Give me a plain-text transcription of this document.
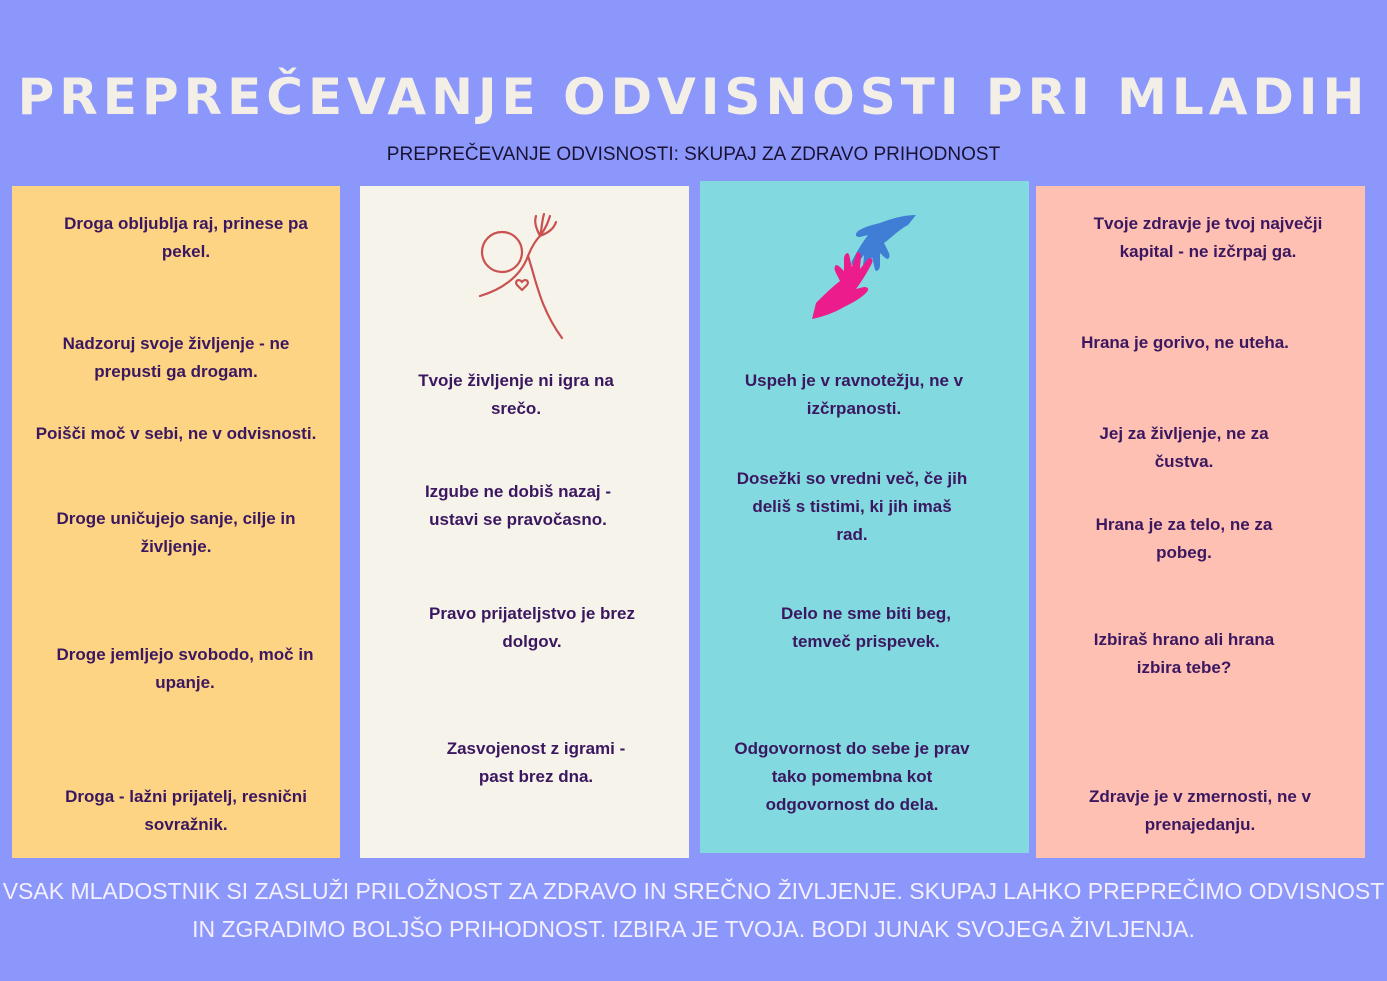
PREPREČEVANJE ODVISNOSTI PRI MLADIH
PREPREČEVANJE ODVISNOSTI: SKUPAJ ZA ZDRAVO PRIHODNOST
Droga obljublja raj, prinese pa pekel.
Nadzoruj svoje življenje - ne prepusti ga drogam.
Poišči moč v sebi, ne v odvisnosti.
Droge uničujejo sanje, cilje in življenje.
Droge jemljejo svobodo, moč in upanje.
Droga - lažni prijatelj, resnični sovražnik.
Tvoje življenje ni igra na srečo.
Izgube ne dobiš nazaj - ustavi se pravočasno.
Pravo prijateljstvo je brez dolgov.
Zasvojenost z igrami - past brez dna.
Uspeh je v ravnotežju, ne v izčrpanosti.
Dosežki so vredni več, če jih deliš s tistimi, ki jih imaš rad.
Delo ne sme biti beg, temveč prispevek.
Odgovornost do sebe je prav tako pomembna kot odgovornost do dela.
Tvoje zdravje je tvoj največji kapital - ne izčrpaj ga.
Hrana je gorivo, ne uteha.
Jej za življenje, ne za čustva.
Hrana je za telo, ne za pobeg.
Izbiraš hrano ali hrana izbira tebe?
Zdravje je v zmernosti, ne v prenajedanju.
VSAK MLADOSTNIK SI ZASLUŽI PRILOŽNOST ZA ZDRAVO IN SREČNO ŽIVLJENJE. SKUPAJ LAHKO PREPREČIMO ODVISNOST IN ZGRADIMO BOLJŠO PRIHODNOST. IZBIRA JE TVOJA. BODI JUNAK SVOJEGA ŽIVLJENJA.
